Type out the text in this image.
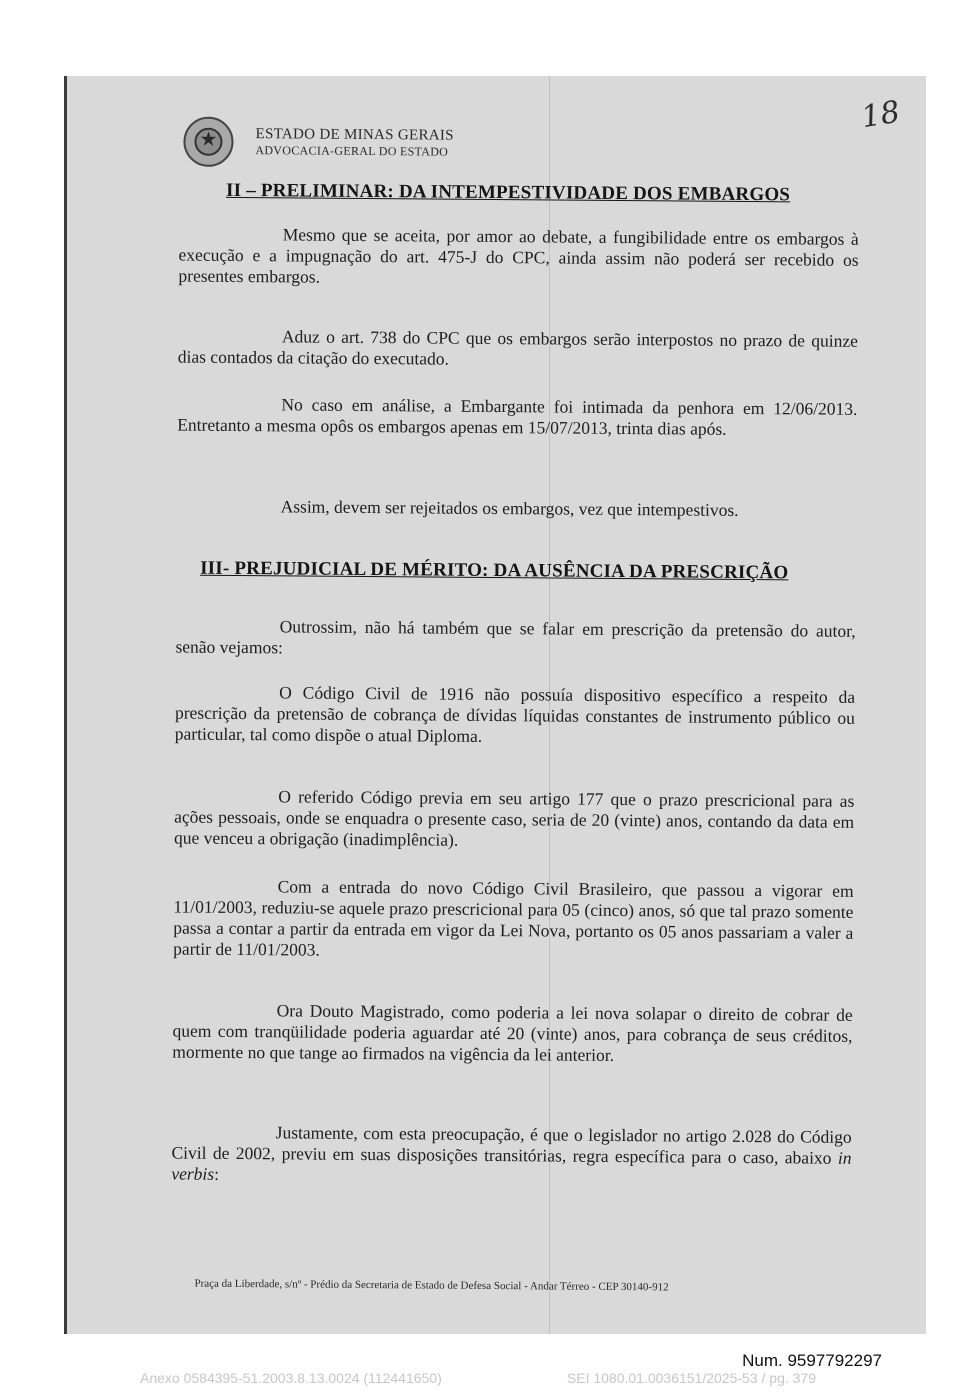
★
ESTADO DE MINAS GERAIS
ADVOCACIA-GERAL DO ESTADO
18
II – PRELIMINAR: DA INTEMPESTIVIDADE DOS EMBARGOS
Mesmo que se aceita, por amor ao debate, a fungibilidade entre os embargos à execução e a impugnação do art. 475-J do CPC, ainda assim não poderá ser recebido os presentes embargos.
Aduz o art. 738 do CPC que os embargos serão interpostos no prazo de quinze dias contados da citação do executado.
No caso em análise, a Embargante foi intimada da penhora em 12/06/2013. Entretanto a mesma opôs os embargos apenas em 15/07/2013, trinta dias após.
Assim, devem ser rejeitados os embargos, vez que intempestivos.
III- PREJUDICIAL DE MÉRITO: DA AUSÊNCIA DA PRESCRIÇÃO
Outrossim, não há também que se falar em prescrição da pretensão do autor, senão vejamos:
O Código Civil de 1916 não possuía dispositivo específico a respeito da prescrição da pretensão de cobrança de dívidas líquidas constantes de instrumento público ou particular, tal como dispõe o atual Diploma.
O referido Código previa em seu artigo 177 que o prazo prescricional para as ações pessoais, onde se enquadra o presente caso, seria de 20 (vinte) anos, contando da data em que venceu a obrigação (inadimplência).
Com a entrada do novo Código Civil Brasileiro, que passou a vigorar em 11/01/2003, reduziu-se aquele prazo prescricional para 05 (cinco) anos, só que tal prazo somente passa a contar a partir da entrada em vigor da Lei Nova, portanto os 05 anos passariam a valer a partir de 11/01/2003.
Ora Douto Magistrado, como poderia a lei nova solapar o direito de cobrar de quem com tranqüilidade poderia aguardar até 20 (vinte) anos, para cobrança de seus créditos, mormente no que tange ao firmados na vigência da lei anterior.
Justamente, com esta preocupação, é que o legislador no artigo 2.028 do Código Civil de 2002, previu em suas disposições transitórias, regra específica para o caso, abaixo in verbis:
Praça da Liberdade, s/nº - Prédio da Secretaria de Estado de Defesa Social - Andar Térreo - CEP 30140-912
Num. 9597792297
Anexo 0584395-51.2003.8.13.0024 (112441650)	SEI 1080.01.0036151/2025-53 / pg. 379
